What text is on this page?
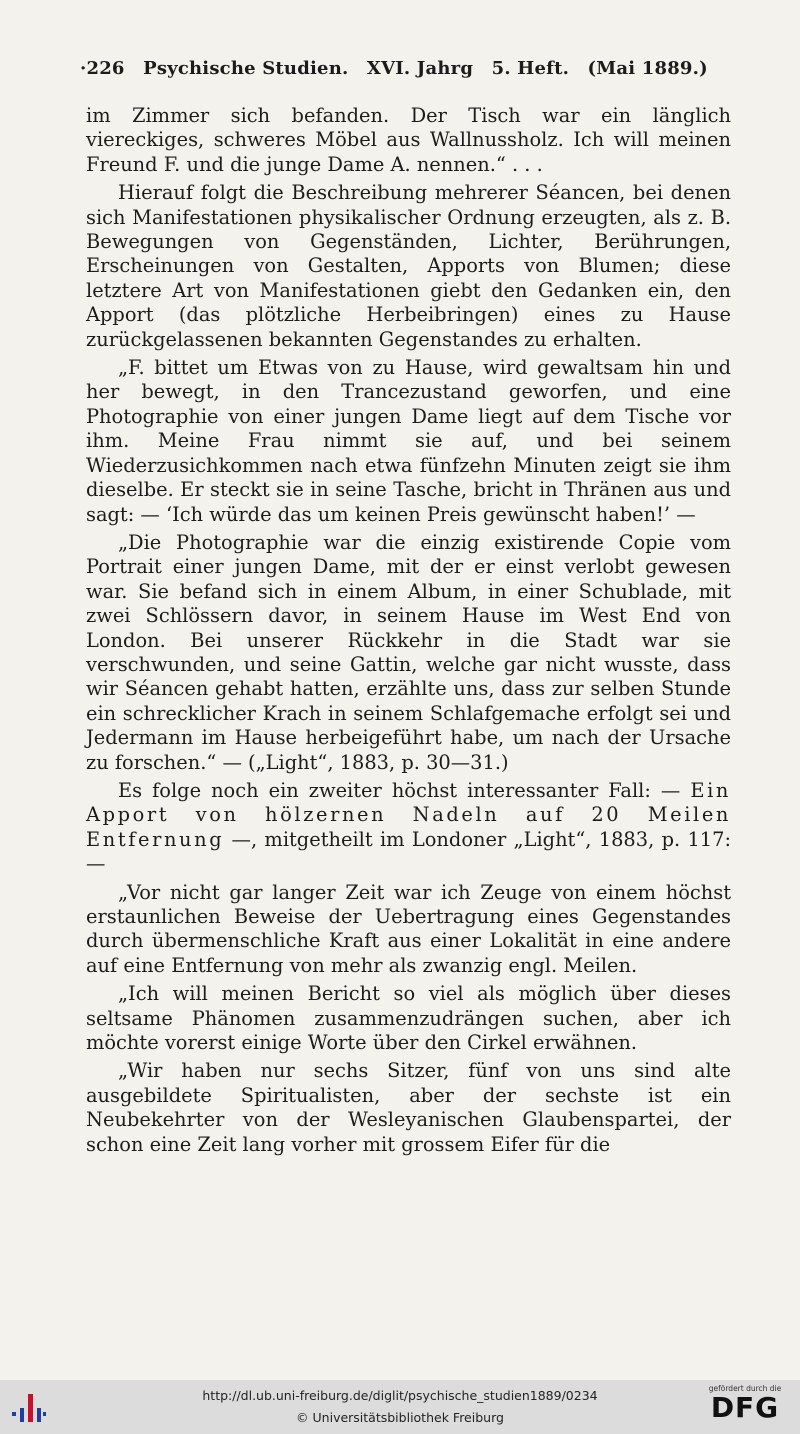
·226 Psychische Studien. XVI. Jahrg 5. Heft. (Mai 1889.)

im Zimmer sich befanden. Der Tisch war ein länglich viereckiges, schweres Möbel aus Wallnussholz. Ich will meinen Freund F. und die junge Dame A. nennen.“ . . .

Hierauf folgt die Beschreibung mehrerer Séancen, bei denen sich Manifestationen physikalischer Ordnung erzeugten, als z. B. Bewegungen von Gegenständen, Lichter, Berührungen, Erscheinungen von Gestalten, Apports von Blumen; diese letztere Art von Manifestationen giebt den Gedanken ein, den Apport (das plötzliche Herbeibringen) eines zu Hause zurückgelassenen bekannten Gegenstandes zu erhalten.

„F. bittet um Etwas von zu Hause, wird gewaltsam hin und her bewegt, in den Trancezustand geworfen, und eine Photographie von einer jungen Dame liegt auf dem Tische vor ihm. Meine Frau nimmt sie auf, und bei seinem Wiederzusichkommen nach etwa fünfzehn Minuten zeigt sie ihm dieselbe. Er steckt sie in seine Tasche, bricht in Thränen aus und sagt: — ‘Ich würde das um keinen Preis gewünscht haben!’ —

„Die Photographie war die einzig existirende Copie vom Portrait einer jungen Dame, mit der er einst verlobt gewesen war. Sie befand sich in einem Album, in einer Schublade, mit zwei Schlössern davor, in seinem Hause im West End von London. Bei unserer Rückkehr in die Stadt war sie verschwunden, und seine Gattin, welche gar nicht wusste, dass wir Séancen gehabt hatten, erzählte uns, dass zur selben Stunde ein schrecklicher Krach in seinem Schlafgemache erfolgt sei und Jedermann im Hause herbeigeführt habe, um nach der Ursache zu forschen.“ — („Light“, 1883, p. 30—31.)

Es folge noch ein zweiter höchst interessanter Fall: — Ein Apport von hölzernen Nadeln auf 20 Meilen Entfernung —, mitgetheilt im Londoner „Light“, 1883, p. 117: —

„Vor nicht gar langer Zeit war ich Zeuge von einem höchst erstaunlichen Beweise der Uebertragung eines Gegenstandes durch übermenschliche Kraft aus einer Lokalität in eine andere auf eine Entfernung von mehr als zwanzig engl. Meilen.

„Ich will meinen Bericht so viel als möglich über dieses seltsame Phänomen zusammenzudrängen suchen, aber ich möchte vorerst einige Worte über den Cirkel erwähnen.

„Wir haben nur sechs Sitzer, fünf von uns sind alte ausgebildete Spiritualisten, aber der sechste ist ein Neubekehrter von der Wesleyanischen Glaubenspartei, der schon eine Zeit lang vorher mit grossem Eifer für die

http://dl.ub.uni-freiburg.de/diglit/psychische_studien1889/0234
© Universitätsbibliothek Freiburg
gefördert durch die
DFG
